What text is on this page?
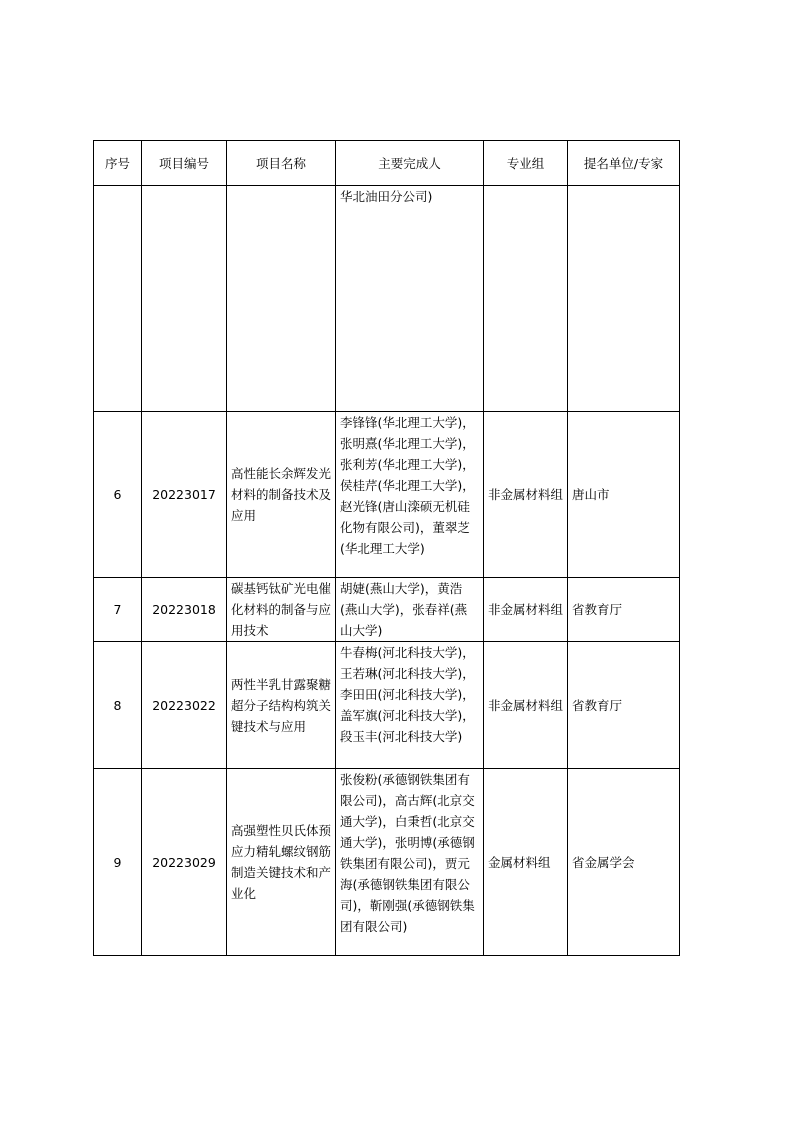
序号	项目编号	项目名称	主要完成人	专业组	提名单位/专家
			华北油田分公司)		
6	20223017	高性能长余辉发光材料的制备技术及应用	李锋锋(华北理工大学)，张明熹(华北理工大学)，张利芳(华北理工大学)，侯桂芹(华北理工大学)，赵光锋(唐山滦硕无机硅化物有限公司)，董翠芝(华北理工大学)	非金属材料组	唐山市
7	20223018	碳基钙钛矿光电催化材料的制备与应用技术	胡婕(燕山大学)，黄浩(燕山大学)，张春祥(燕山大学)	非金属材料组	省教育厅
8	20223022	两性半乳甘露聚糖超分子结构构筑关键技术与应用	牛春梅(河北科技大学)，王若琳(河北科技大学)，李田田(河北科技大学)，盖军旗(河北科技大学)，段玉丰(河北科技大学)	非金属材料组	省教育厅
9	20223029	高强塑性贝氏体预应力精轧螺纹钢筋制造关键技术和产业化	张俊粉(承德钢铁集团有限公司)，高古辉(北京交通大学)，白秉哲(北京交通大学)，张明博(承德钢铁集团有限公司)，贾元海(承德钢铁集团有限公司)，靳刚强(承德钢铁集团有限公司)	金属材料组	省金属学会
